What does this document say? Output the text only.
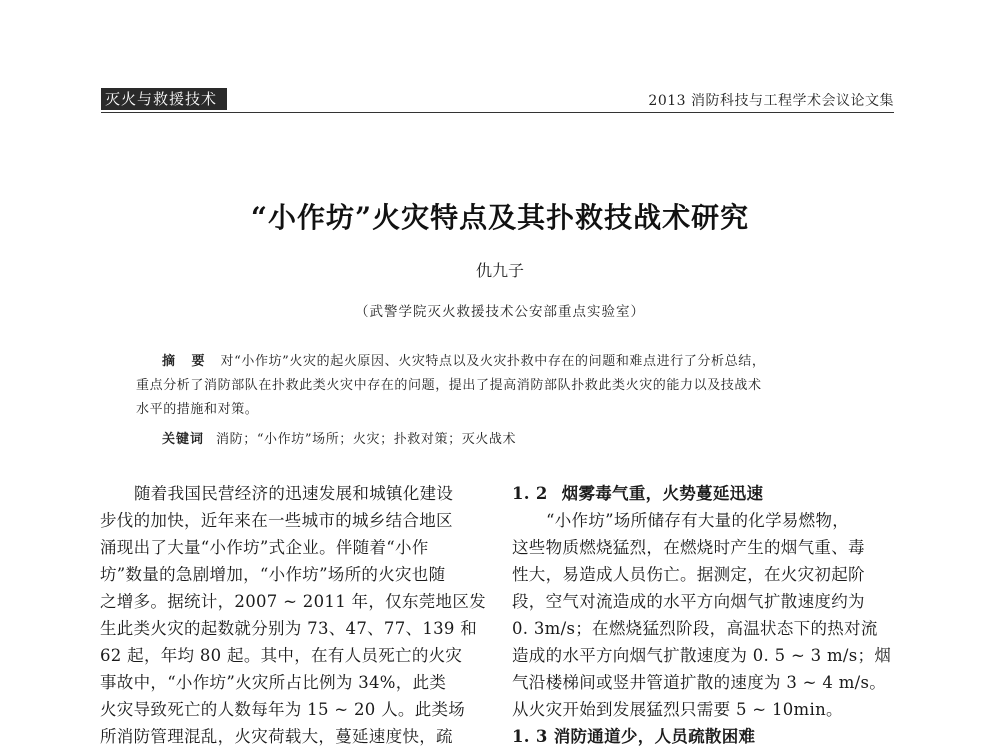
灭火与救援技术	2013 消防科技与工程学术会议论文集
“小作坊”火灾特点及其扑救技战术研究
仇九子
（武警学院灭火救援技术公安部重点实验室）
摘 要 对“小作坊”火灾的起火原因、火灾特点以及火灾扑救中存在的问题和难点进行了分析总结，
重点分析了消防部队在扑救此类火灾中存在的问题，提出了提高消防部队扑救此类火灾的能力以及技战术
水平的措施和对策。
关键词 消防；“小作坊”场所；火灾；扑救对策；灭火战术
随着我国民营经济的迅速发展和城镇化建设
步伐的加快，近年来在一些城市的城乡结合地区
涌现出了大量“小作坊”式企业。伴随着“小作
坊”数量的急剧增加，“小作坊”场所的火灾也随
之增多。据统计，2007 ~ 2011 年，仅东莞地区发
生此类火灾的起数就分别为 73、47、77、139 和
62 起，年均 80 起。其中，在有人员死亡的火灾
事故中，“小作坊”火灾所占比例为 34%，此类
火灾导致死亡的人数每年为 15 ~ 20 人。此类场
所消防管理混乱，火灾荷载大，蔓延速度快，疏
1. 2 烟雾毒气重，火势蔓延迅速
“小作坊”场所储存有大量的化学易燃物，
这些物质燃烧猛烈，在燃烧时产生的烟气重、毒
性大，易造成人员伤亡。据测定，在火灾初起阶
段，空气对流造成的水平方向烟气扩散速度约为
0. 3m/s；在燃烧猛烈阶段，高温状态下的热对流
造成的水平方向烟气扩散速度为 0. 5 ~ 3 m/s；烟
气沿楼梯间或竖井管道扩散的速度为 3 ~ 4 m/s。
从火灾开始到发展猛烈只需要 5 ~ 10min。
1. 3 消防通道少，人员疏散困难
